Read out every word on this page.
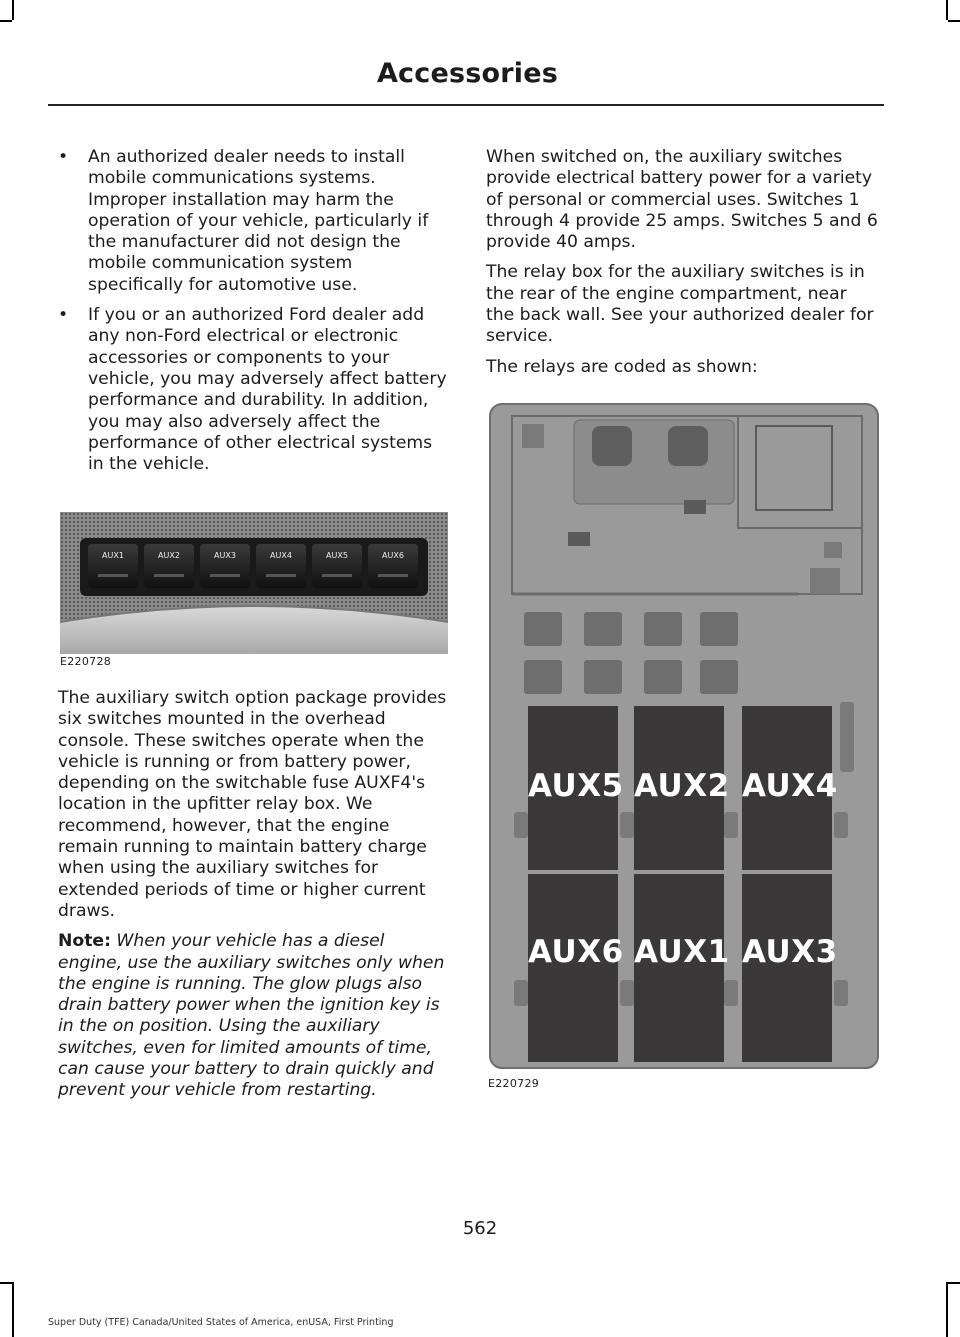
Accessories
• An authorized dealer needs to install mobile communications systems. Improper installation may harm the operation of your vehicle, particularly if the manufacturer did not design the mobile communication system specifically for automotive use.
• If you or an authorized Ford dealer add any non-Ford electrical or electronic accessories or components to your vehicle, you may adversely affect battery performance and durability. In addition, you may also adversely affect the performance of other electrical systems in the vehicle.
AUX1	AUX2	AUX3	AUX4	AUX5	AUX6
E220728

The auxiliary switch option package provides six switches mounted in the overhead console. These switches operate when the vehicle is running or from battery power, depending on the switchable fuse AUXF4's location in the upfitter relay box. We recommend, however, that the engine remain running to maintain battery charge when using the auxiliary switches for extended periods of time or higher current draws.

Note: When your vehicle has a diesel engine, use the auxiliary switches only when the engine is running. The glow plugs also drain battery power when the ignition key is in the on position. Using the auxiliary switches, even for limited amounts of time, can cause your battery to drain quickly and prevent your vehicle from restarting.

When switched on, the auxiliary switches provide electrical battery power for a variety of personal or commercial uses. Switches 1 through 4 provide 25 amps. Switches 5 and 6 provide 40 amps.

The relay box for the auxiliary switches is in the rear of the engine compartment, near the back wall. See your authorized dealer for service.

The relays are coded as shown:

AUX5 AUX2 AUX4
AUX6 AUX1 AUX3
E220729
562
Super Duty (TFE) Canada/United States of America, enUSA, First Printing
